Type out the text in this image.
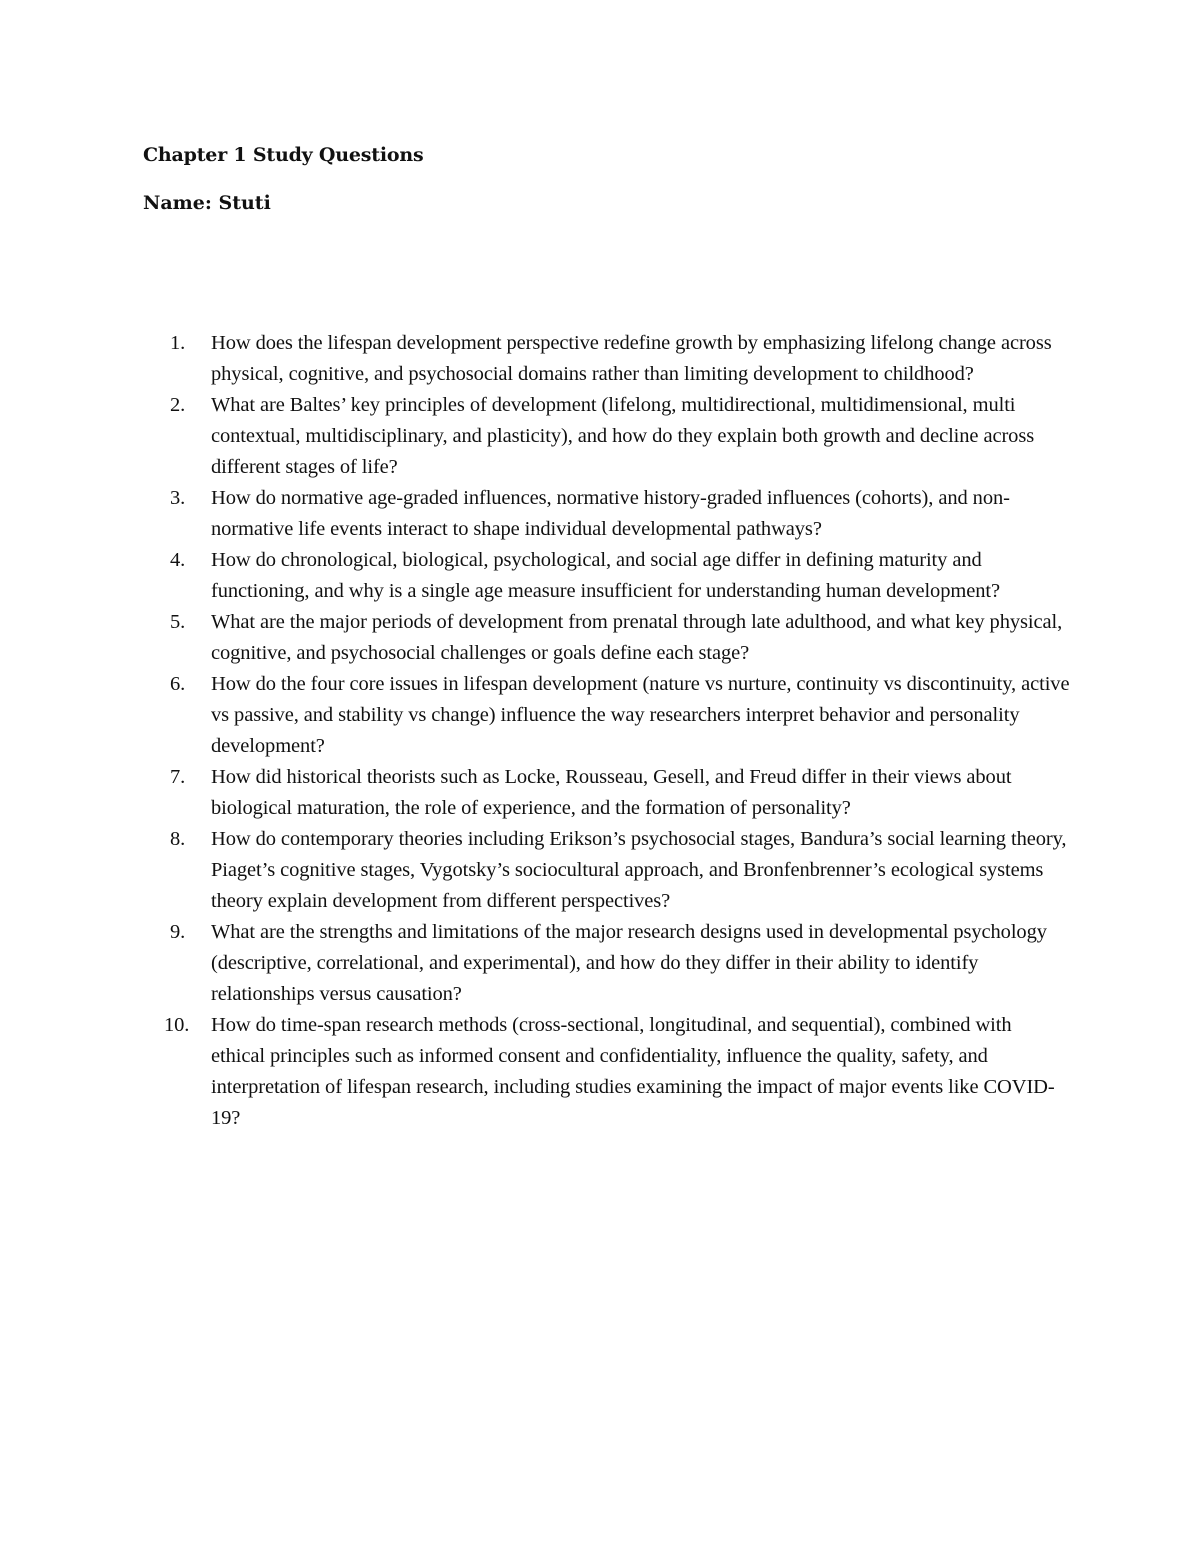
Chapter 1 Study Questions
Name: Stuti
1.	How does the lifespan development perspective redefine growth by emphasizing lifelong change across physical, cognitive, and psychosocial domains rather than limiting development to childhood?
2.	What are Baltes’ key principles of development (lifelong, multidirectional, multidimensional, multi contextual, multidisciplinary, and plasticity), and how do they explain both growth and decline across different stages of life?
3.	How do normative age-graded influences, normative history-graded influences (cohorts), and non-normative life events interact to shape individual developmental pathways?
4.	How do chronological, biological, psychological, and social age differ in defining maturity and functioning, and why is a single age measure insufficient for understanding human development?
5.	What are the major periods of development from prenatal through late adulthood, and what key physical, cognitive, and psychosocial challenges or goals define each stage?
6.	How do the four core issues in lifespan development (nature vs nurture, continuity vs discontinuity, active vs passive, and stability vs change) influence the way researchers interpret behavior and personality development?
7.	How did historical theorists such as Locke, Rousseau, Gesell, and Freud differ in their views about biological maturation, the role of experience, and the formation of personality?
8.	How do contemporary theories including Erikson’s psychosocial stages, Bandura’s social learning theory, Piaget’s cognitive stages, Vygotsky’s sociocultural approach, and Bronfenbrenner’s ecological systems theory explain development from different perspectives?
9.	What are the strengths and limitations of the major research designs used in developmental psychology (descriptive, correlational, and experimental), and how do they differ in their ability to identify relationships versus causation?
10. How do time-span research methods (cross-sectional, longitudinal, and sequential), combined with ethical principles such as informed consent and confidentiality, influence the quality, safety, and interpretation of lifespan research, including studies examining the impact of major events like COVID-19?
